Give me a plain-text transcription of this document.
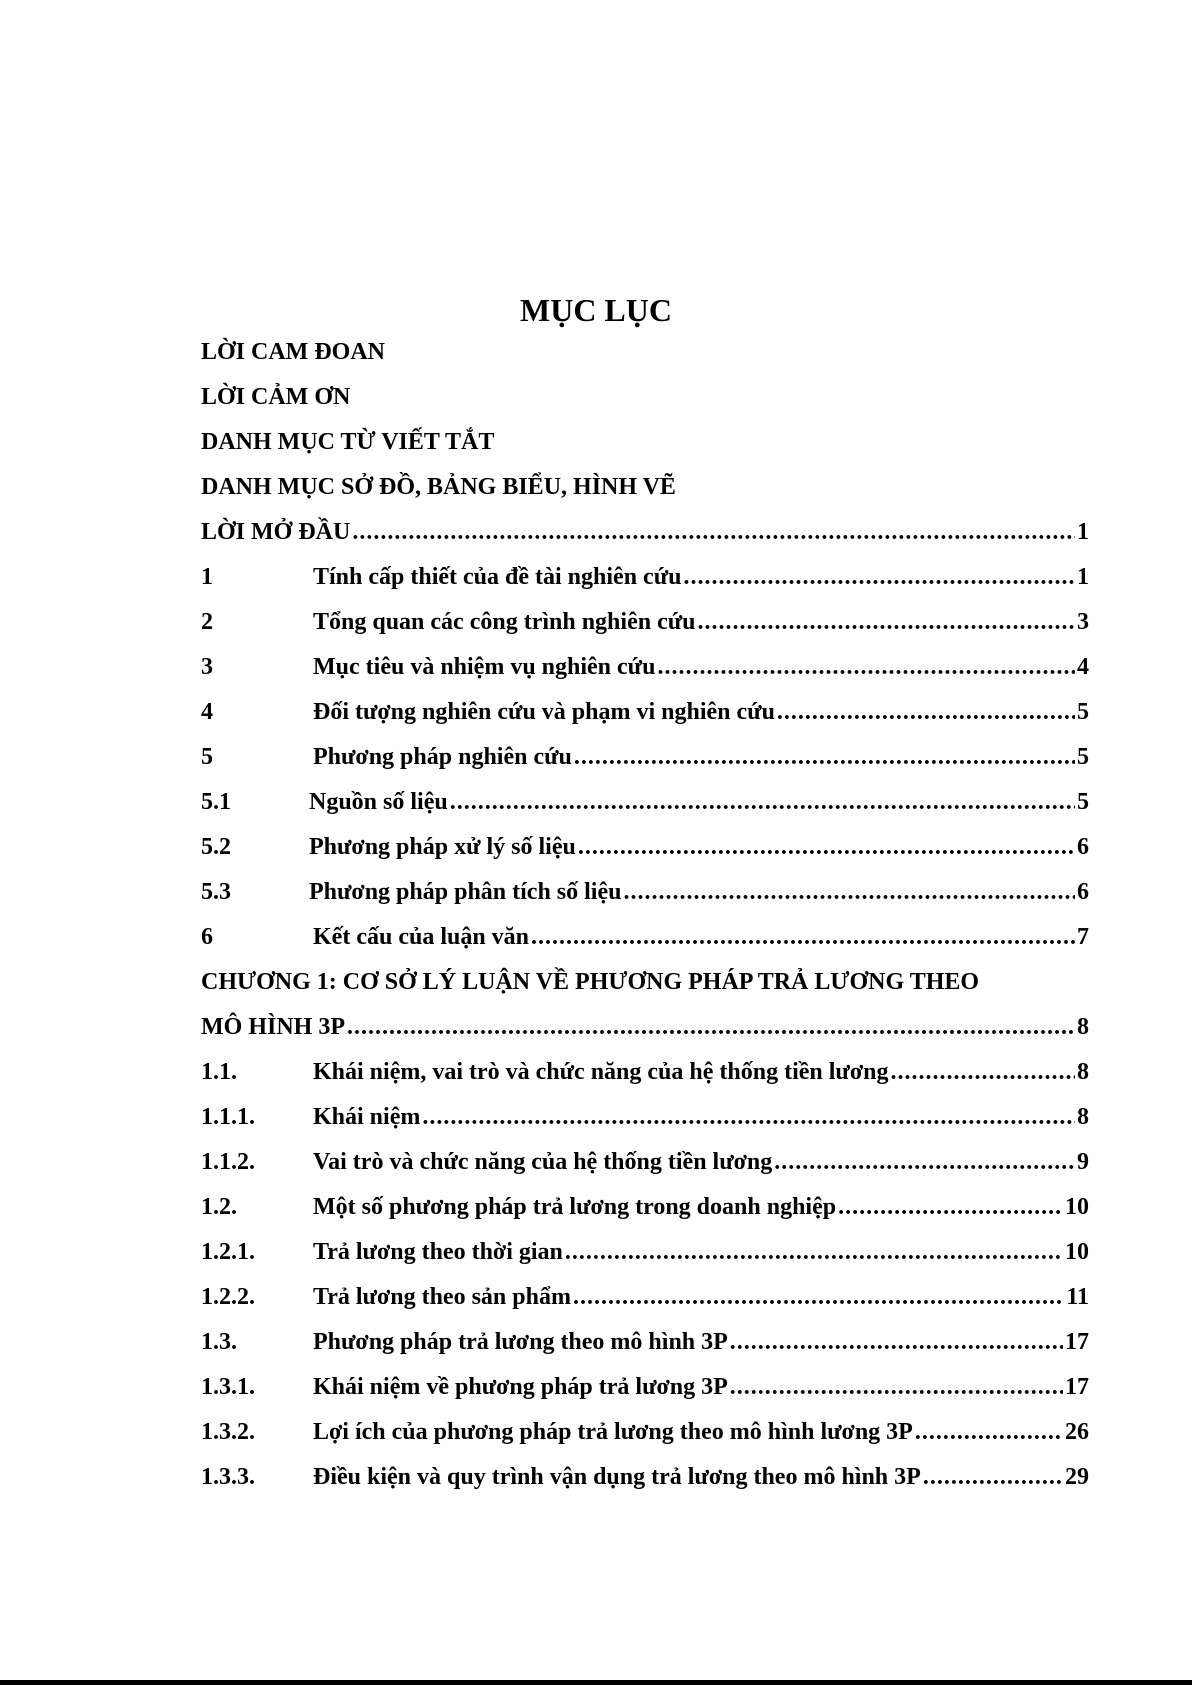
MỤC LỤC
LỜI CAM ĐOAN
LỜI CẢM ƠN
DANH MỤC TỪ VIẾT TẮT
DANH MỤC SỞ ĐỒ, BẢNG BIỂU, HÌNH VẼ
LỜI MỞ ĐẦU .....	1
1	Tính cấp thiết của đề tài nghiên cứu .....	1
2	Tổng quan các công trình nghiên cứu .....	3
3	Mục tiêu và nhiệm vụ nghiên cứu .....	4
4	Đối tượng nghiên cứu và phạm vi nghiên cứu .....	5
5	Phương pháp nghiên cứu .....	5
5.1	Nguồn số liệu .....	5
5.2	Phương pháp xử lý số liệu .....	6
5.3	Phương pháp phân tích số liệu .....	6
6	Kết cấu của luận văn .....	7
CHƯƠNG 1: CƠ SỞ LÝ LUẬN VỀ PHƯƠNG PHÁP TRẢ LƯƠNG THEO
MÔ HÌNH 3P .....	8
1.1.	Khái niệm, vai trò và chức năng của hệ thống tiền lương .....	8
1.1.1.	Khái niệm .....	8
1.1.2.	Vai trò và chức năng của hệ thống tiền lương .....	9
1.2.	Một số phương pháp trả lương trong doanh nghiệp .....	10
1.2.1.	Trả lương theo thời gian .....	10
1.2.2.	Trả lương theo sản phẩm .....	11
1.3.	Phương pháp trả lương theo mô hình 3P .....	17
1.3.1.	Khái niệm về phương pháp trả lương 3P .....	17
1.3.2.	Lợi ích của phương pháp trả lương theo mô hình lương 3P .....	26
1.3.3.	Điều kiện và quy trình vận dụng trả lương theo mô hình 3P .....	29
